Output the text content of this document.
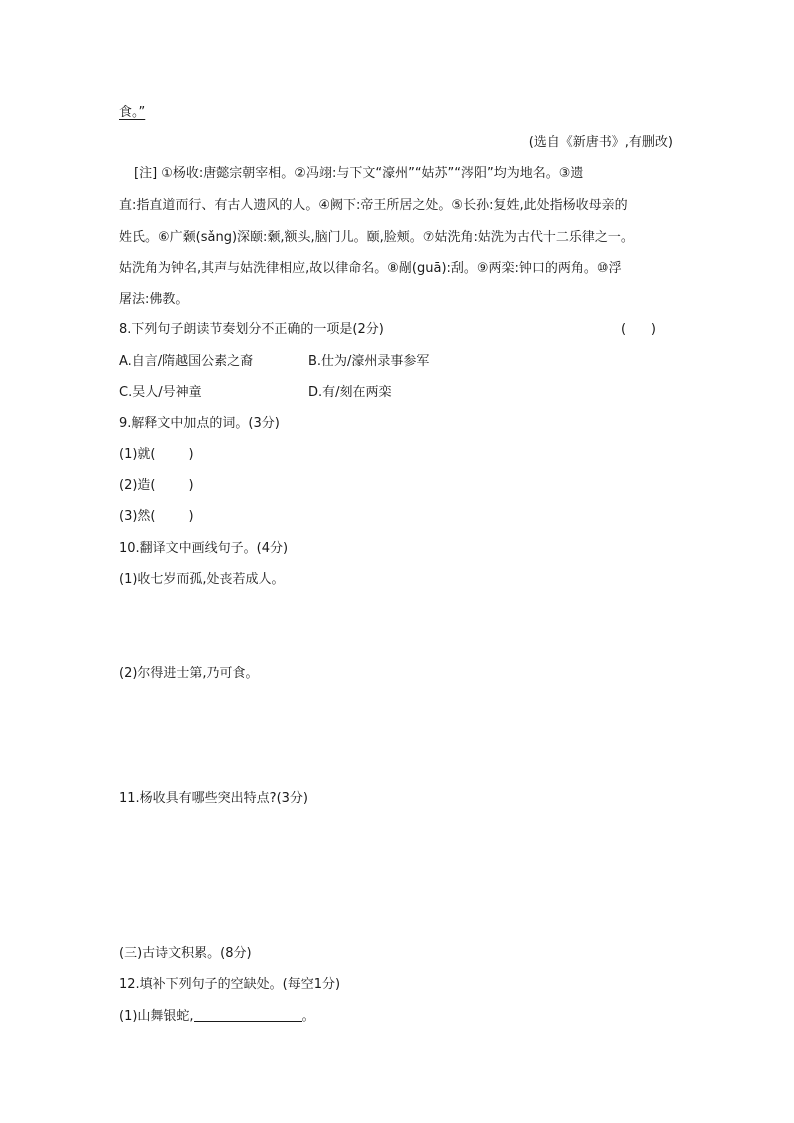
食。”
(选自《新唐书》,有删改)
[注] ①杨收:唐懿宗朝宰相。②冯翊:与下文“濠州”“姑苏”“涔阳”均为地名。③遗
直:指直道而行、有古人遗风的人。④阙下:帝王所居之处。⑤长孙:复姓,此处指杨收母亲的
姓氏。⑥广颡(sǎng)深颐:颡,额头,脑门儿。颐,脸颊。⑦姑洗角:姑洗为古代十二乐律之一。
姑洗角为钟名,其声与姑洗律相应,故以律命名。⑧剮(guā):刮。⑨两栾:钟口的两角。⑩浮
屠法:佛教。
8.下列句子朗读节奏划分不正确的一项是(2分)	(      )
A.自言/隋越国公素之裔	B.仕为/濠州录事参军
C.吴人/号神童	D.有/刻在两栾
9.解释文中加点的词。(3分)
(1)就(        )
(2)造(        )
(3)然(        )
10.翻译文中画线句子。(4分)
(1)收七岁而孤,处丧若成人。
(2)尔得进士第,乃可食。
11.杨收具有哪些突出特点?(3分)
(三)古诗文积累。(8分)
12.填补下列句子的空缺处。(每空1分)
(1)山舞银蛇,	。
